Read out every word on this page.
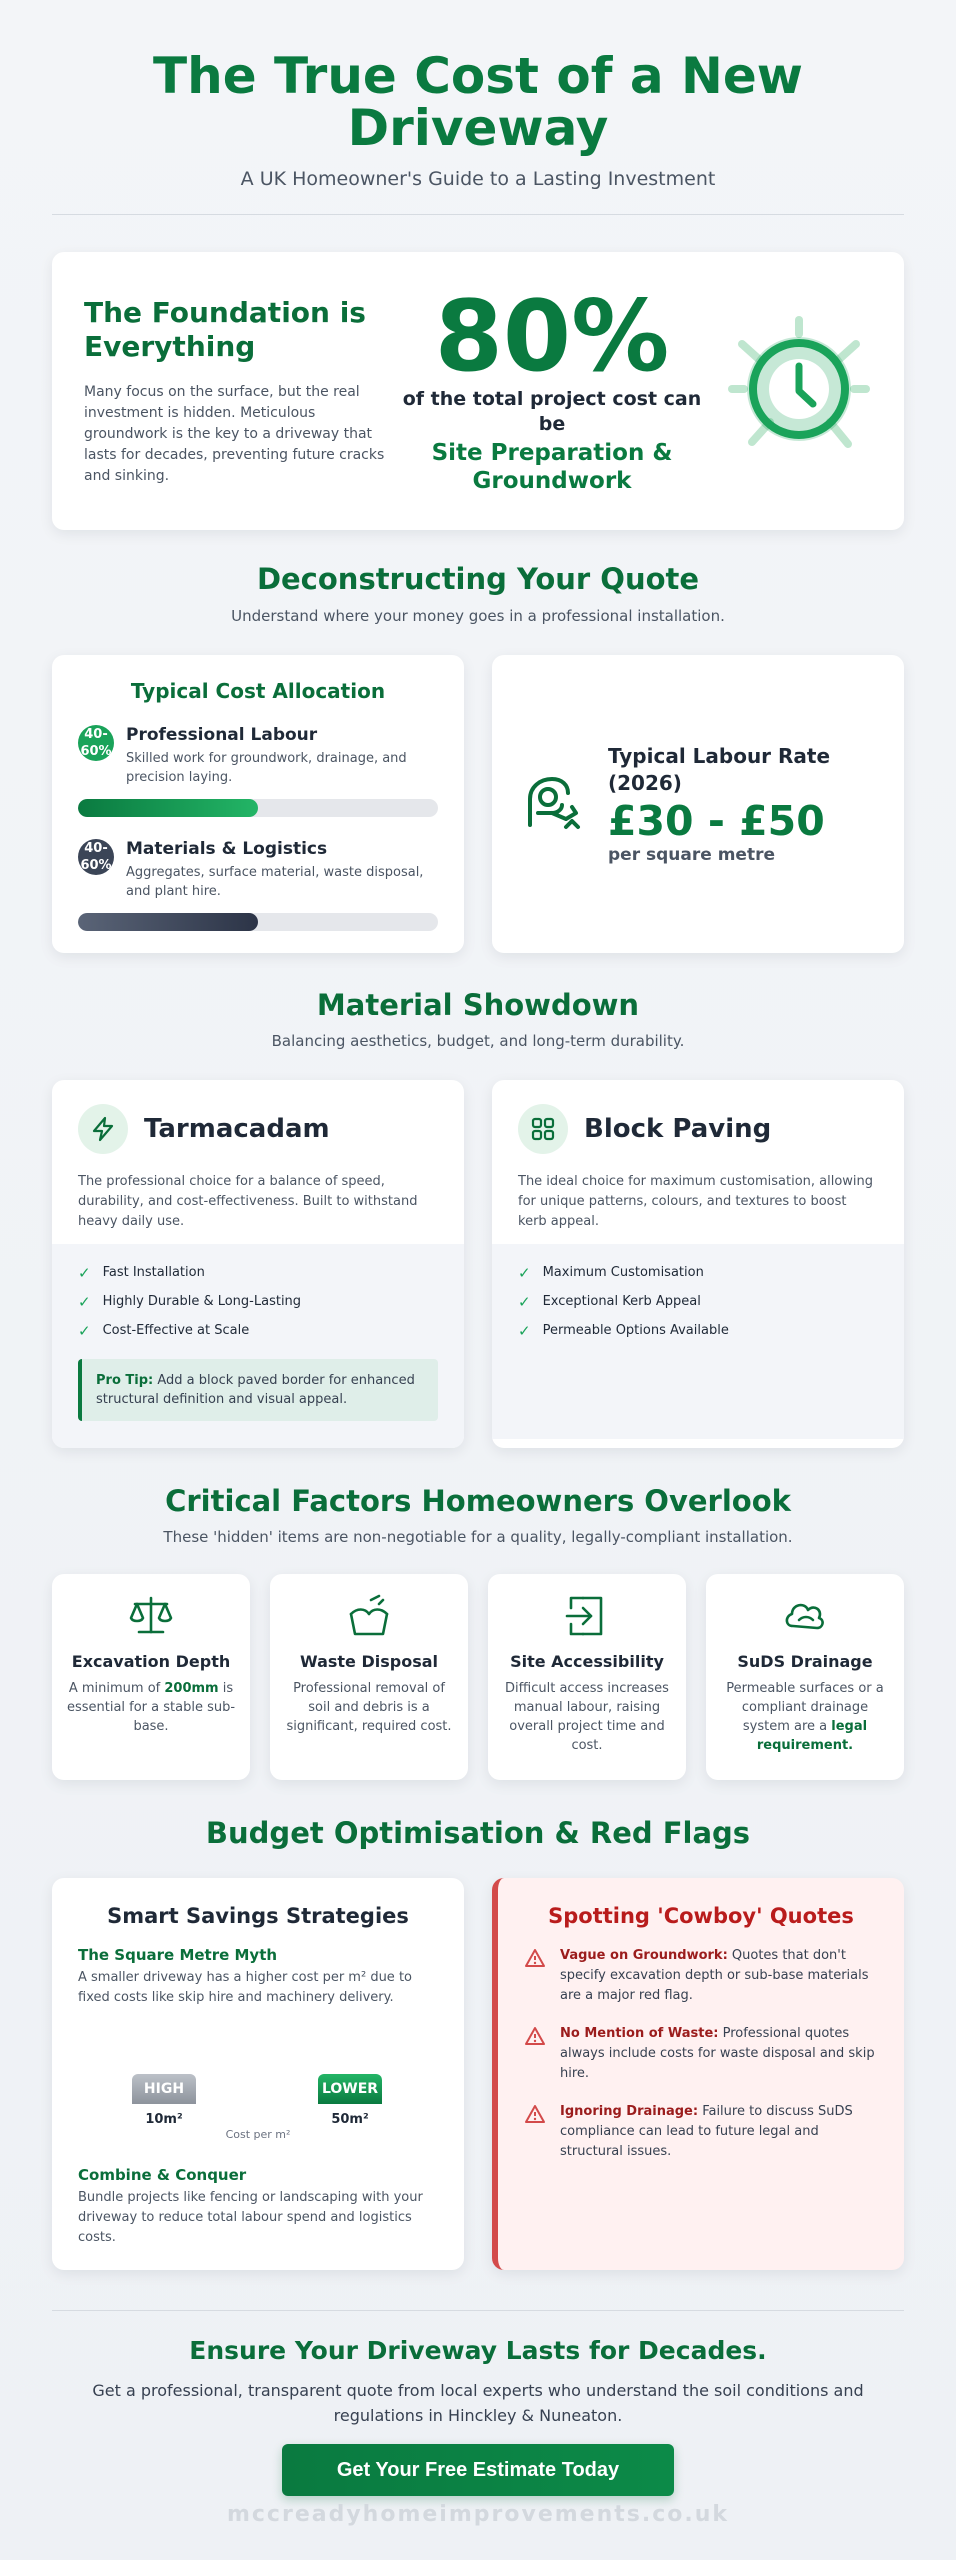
The True Cost of a New Driveway
A UK Homeowner's Guide to a Lasting Investment
The Foundation is Everything

Many focus on the surface, but the real investment is hidden. Meticulous groundwork is the key to a driveway that lasts for decades, preventing future cracks and sinking.

80%
of the total project cost can be
Site Preparation & Groundwork
Deconstructing Your Quote
Understand where your money goes in a professional installation.
Typical Cost Allocation
40-60%
Professional Labour
Skilled work for groundwork, drainage, and precision laying.
40-60%
Materials & Logistics
Aggregates, surface material, waste disposal, and plant hire.
Typical Labour Rate (2026)
£30 - £50
per square metre
Material Showdown
Balancing aesthetics, budget, and long-term durability.
Tarmacadam
The professional choice for a balance of speed, durability, and cost-effectiveness. Built to withstand heavy daily use.
✓ Fast Installation
✓ Highly Durable & Long-Lasting
✓ Cost-Effective at Scale
Pro Tip: Add a block paved border for enhanced structural definition and visual appeal.
Block Paving
The ideal choice for maximum customisation, allowing for unique patterns, colours, and textures to boost kerb appeal.
✓ Maximum Customisation
✓ Exceptional Kerb Appeal
✓ Permeable Options Available
Critical Factors Homeowners Overlook
These 'hidden' items are non-negotiable for a quality, legally-compliant installation.
Excavation Depth

A minimum of 200mm is essential for a stable sub-base.

Waste Disposal

Professional removal of soil and debris is a significant, required cost.

Site Accessibility

Difficult access increases manual labour, raising overall project time and cost.

SuDS Drainage

Permeable surfaces or a compliant drainage system are a legal requirement.

Budget Optimisation & Red Flags
Smart Savings Strategies
The Square Metre Myth

A smaller driveway has a higher cost per m² due to fixed costs like skip hire and machinery delivery.

HIGH
10m²
LOWER
50m²
Cost per m²
Combine & Conquer

Bundle projects like fencing or landscaping with your driveway to reduce total labour spend and logistics costs.

Spotting 'Cowboy' Quotes

Vague on Groundwork: Quotes that don't specify excavation depth or sub-base materials are a major red flag.

No Mention of Waste: Professional quotes always include costs for waste disposal and skip hire.

Ignoring Drainage: Failure to discuss SuDS compliance can lead to future legal and structural issues.

Ensure Your Driveway Lasts for Decades.
Get a professional, transparent quote from local experts who understand the soil conditions and regulations in Hinckley & Nuneaton.
Get Your Free Estimate Today
mccreadyhomeimprovements.co.uk
